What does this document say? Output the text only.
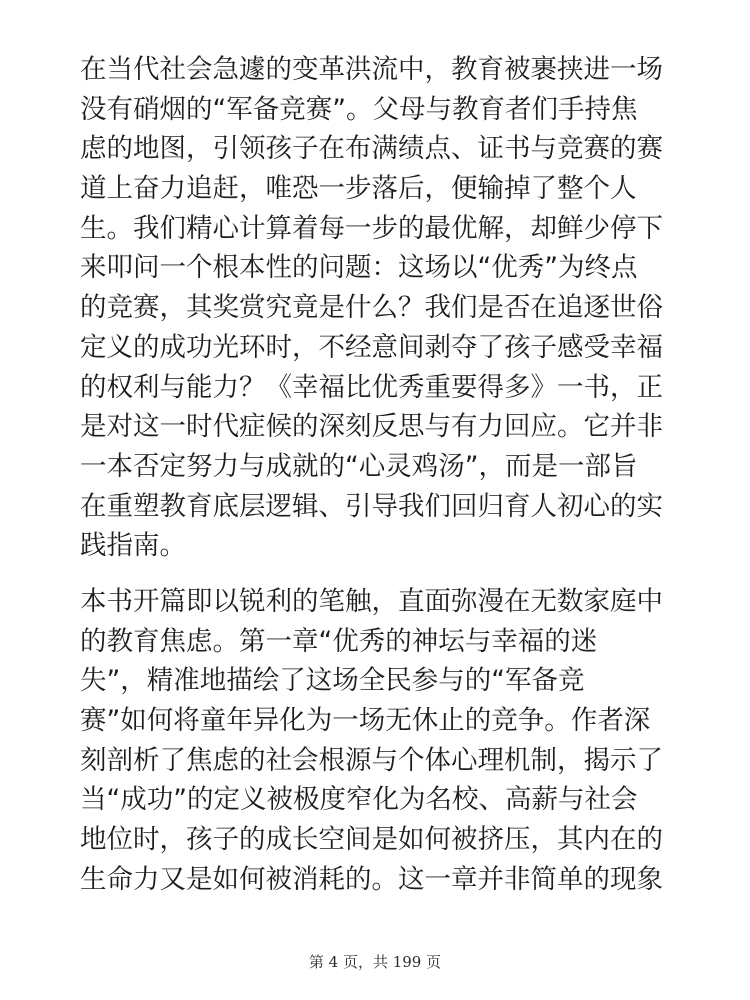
在当代社会急遽的变革洪流中，教育被裹挟进一场
没有硝烟的“军备竞赛”。父母与教育者们手持焦
虑的地图，引领孩子在布满绩点、证书与竞赛的赛
道上奋力追赶，唯恐一步落后，便输掉了整个人
生。我们精心计算着每一步的最优解，却鲜少停下
来叩问一个根本性的问题：这场以“优秀”为终点
的竞赛，其奖赏究竟是什么？我们是否在追逐世俗
定义的成功光环时，不经意间剥夺了孩子感受幸福
的权利与能力？《幸福比优秀重要得多》一书，正
是对这一时代症候的深刻反思与有力回应。它并非
一本否定努力与成就的“心灵鸡汤”，而是一部旨
在重塑教育底层逻辑、引导我们回归育人初心的实
践指南。
本书开篇即以锐利的笔触，直面弥漫在无数家庭中
的教育焦虑。第一章“优秀的神坛与幸福的迷
失”，精准地描绘了这场全民参与的“军备竞
赛”如何将童年异化为一场无休止的竞争。作者深
刻剖析了焦虑的社会根源与个体心理机制，揭示了
当“成功”的定义被极度窄化为名校、高薪与社会
地位时，孩子的成长空间是如何被挤压，其内在的
生命力又是如何被消耗的。这一章并非简单的现象
第 4 页，共 199 页
